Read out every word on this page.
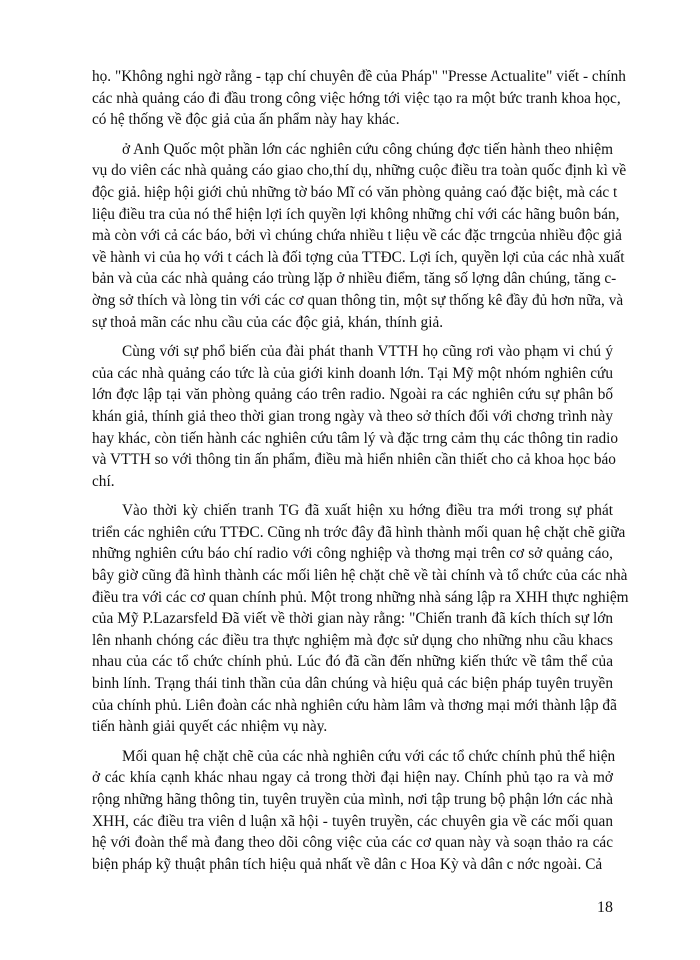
họ. "Không nghi ngờ rằng - tạp chí chuyên đề của Pháp" "Presse Actualite" viết - chính
các nhà quảng cáo đi đầu trong công việc hớng tới việc tạo ra một bức tranh khoa học,
có hệ thống về độc giả của ấn phẩm này hay khác.
ở Anh Quốc một phần lớn các nghiên cứu công chúng đợc tiến hành theo nhiệm
vụ do viên các nhà quảng cáo giao cho,thí dụ, những cuộc điều tra toàn quốc định kì về
độc giả. hiệp hội giới chủ những tờ báo Mĩ có văn phòng quảng caó đặc biệt, mà các t
liệu điều tra của nó thể hiện lợi ích quyền lợi không những chỉ với các hãng buôn bán,
mà còn với cả các báo, bởi vì chúng chứa nhiều t liệu về các đặc trngcủa nhiều độc giả
về hành vi của họ với t cách là đối tợng của TTĐC. Lợi ích, quyền lợi của các nhà xuất
bản và của các nhà quảng cáo trùng lặp ở nhiều điểm, tăng số lợng dân chúng, tăng c-
ờng sở thích và lòng tin với các cơ quan thông tin, một sự thống kê đầy đủ hơn nữa, và
sự thoả mãn các nhu cầu của các độc giả, khán, thính giả.
Cùng với sự phổ biến của đài phát thanh VTTH họ cũng rơi vào phạm vi chú ý
của các nhà quảng cáo tức là của giới kinh doanh lớn. Tại Mỹ một nhóm nghiên cứu
lớn đợc lập tại văn phòng quảng cáo trên radio. Ngoài ra các nghiên cứu sự phân bố
khán giả, thính giả theo thời gian trong ngày và theo sở thích đối với chơng trình này
hay khác, còn tiến hành các nghiên cứu tâm lý và đặc trng cảm thụ các thông tin radio
và VTTH so với thông tin ấn phẩm, điều mà hiển nhiên cần thiết cho cả khoa học báo
chí.
Vào thời kỳ chiến tranh TG đã xuất hiện xu hớng điều tra mới trong sự phát
triển các nghiên cứu TTĐC. Cũng nh trớc đây đã hình thành mối quan hệ chặt chẽ giữa
những nghiên cứu báo chí radio với công nghiệp và thơng mại trên cơ sở quảng cáo,
bây giờ cũng đã hình thành các mối liên hệ chặt chẽ về tài chính và tổ chức của các nhà
điều tra với các cơ quan chính phủ. Một trong những nhà sáng lập ra XHH thực nghiệm
của Mỹ P.Lazarsfeld Đã viết về thời gian này rằng: "Chiến tranh đã kích thích sự lớn
lên nhanh chóng các điều tra thực nghiệm mà đợc sử dụng cho những nhu cầu khacs
nhau của các tổ chức chính phủ. Lúc đó đã cần đến những kiến thức về tâm thể của
binh lính. Trạng thái tinh thần của dân chúng và hiệu quả các biện pháp tuyên truyền
của chính phủ. Liên đoàn các nhà nghiên cứu hàm lâm và thơng mại mới thành lập đã
tiến hành giải quyết các nhiệm vụ này.
Mối quan hệ chặt chẽ của các nhà nghiên cứu với các tổ chức chính phủ thể hiện
ở các khía cạnh khác nhau ngay cả trong thời đại hiện nay. Chính phủ tạo ra và mở
rộng những hãng thông tin, tuyên truyền của mình, nơi tập trung bộ phận lớn các nhà
XHH, các điều tra viên d luận xã hội - tuyên truyền, các chuyên gia về các mối quan
hệ với đoàn thể mà đang theo dõi công việc của các cơ quan này và soạn thảo ra các
biện pháp kỹ thuật phân tích hiệu quả nhất về dân c Hoa Kỳ và dân c nớc ngoài. Cả
18
